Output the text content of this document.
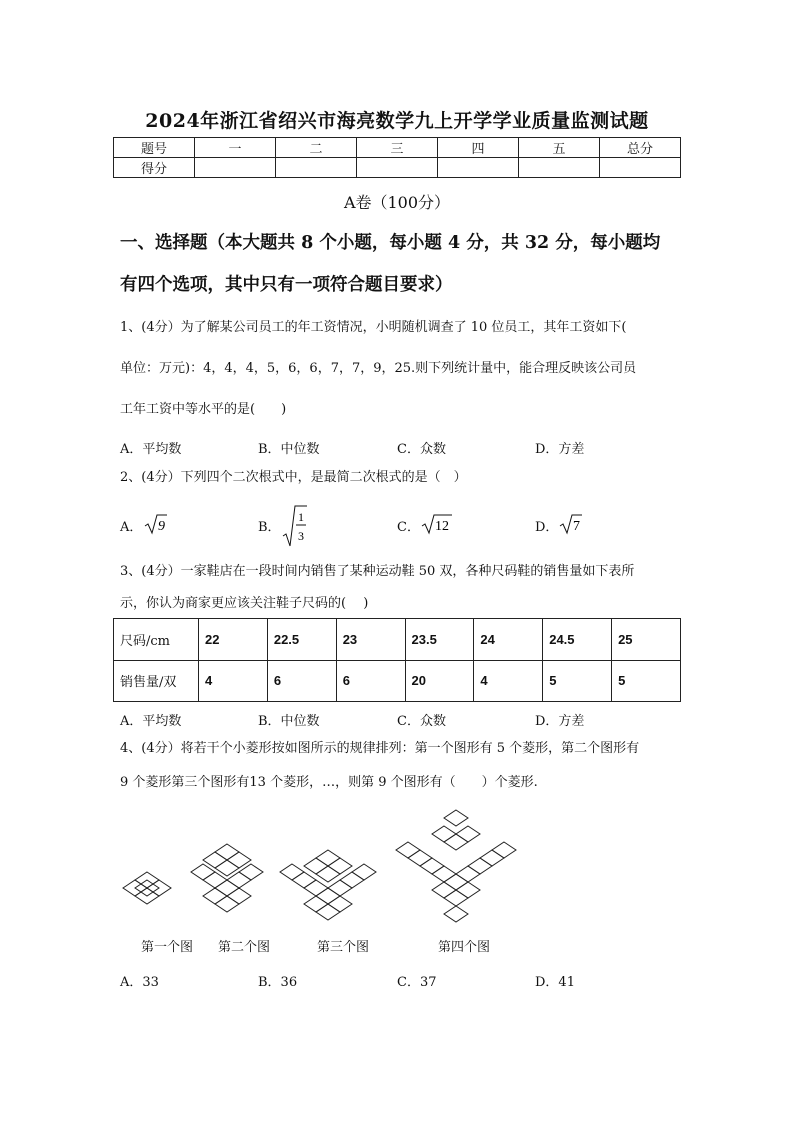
2024年浙江省绍兴市海亮数学九上开学学业质量监测试题
题号	一	二	三	四	五	总分
得分						
A卷（100分）
一、选择题（本大题共 8 个小题，每小题 4 分，共 32 分，每小题均
有四个选项，其中只有一项符合题目要求）
1、(4分）为了解某公司员工的年工资情况，小明随机调查了 10 位员工，其年工资如下(
单位：万元)：4，4，4，5，6，6，7，7，9，25.则下列统计量中，能合理反映该公司员
工年工资中等水平的是(　　)
A．平均数	B．中位数	C．众数	D．方差
2、(4分）下列四个二次根式中，是最简二次根式的是（　）
A． 9	B．
1
3
C． 12	D． 7
3、(4分）一家鞋店在一段时间内销售了某种运动鞋 50 双，各种尺码鞋的销售量如下表所
示，你认为商家更应该关注鞋子尺码的(　 )
尺码/cm	22	22.5	23	23.5	24	24.5	25
销售量/双	4	6	6	20	4	5	5
A．平均数	B．中位数	C．众数	D．方差
4、(4分）将若干个小菱形按如图所示的规律排列：第一个图形有 5 个菱形，第二个图形有
9 个菱形第三个图形有13 个菱形，…，则第 9 个图形有（　　）个菱形.
第一个图 第二个图	第三个图	第四个图
A．33	B．36	C．37	D．41
